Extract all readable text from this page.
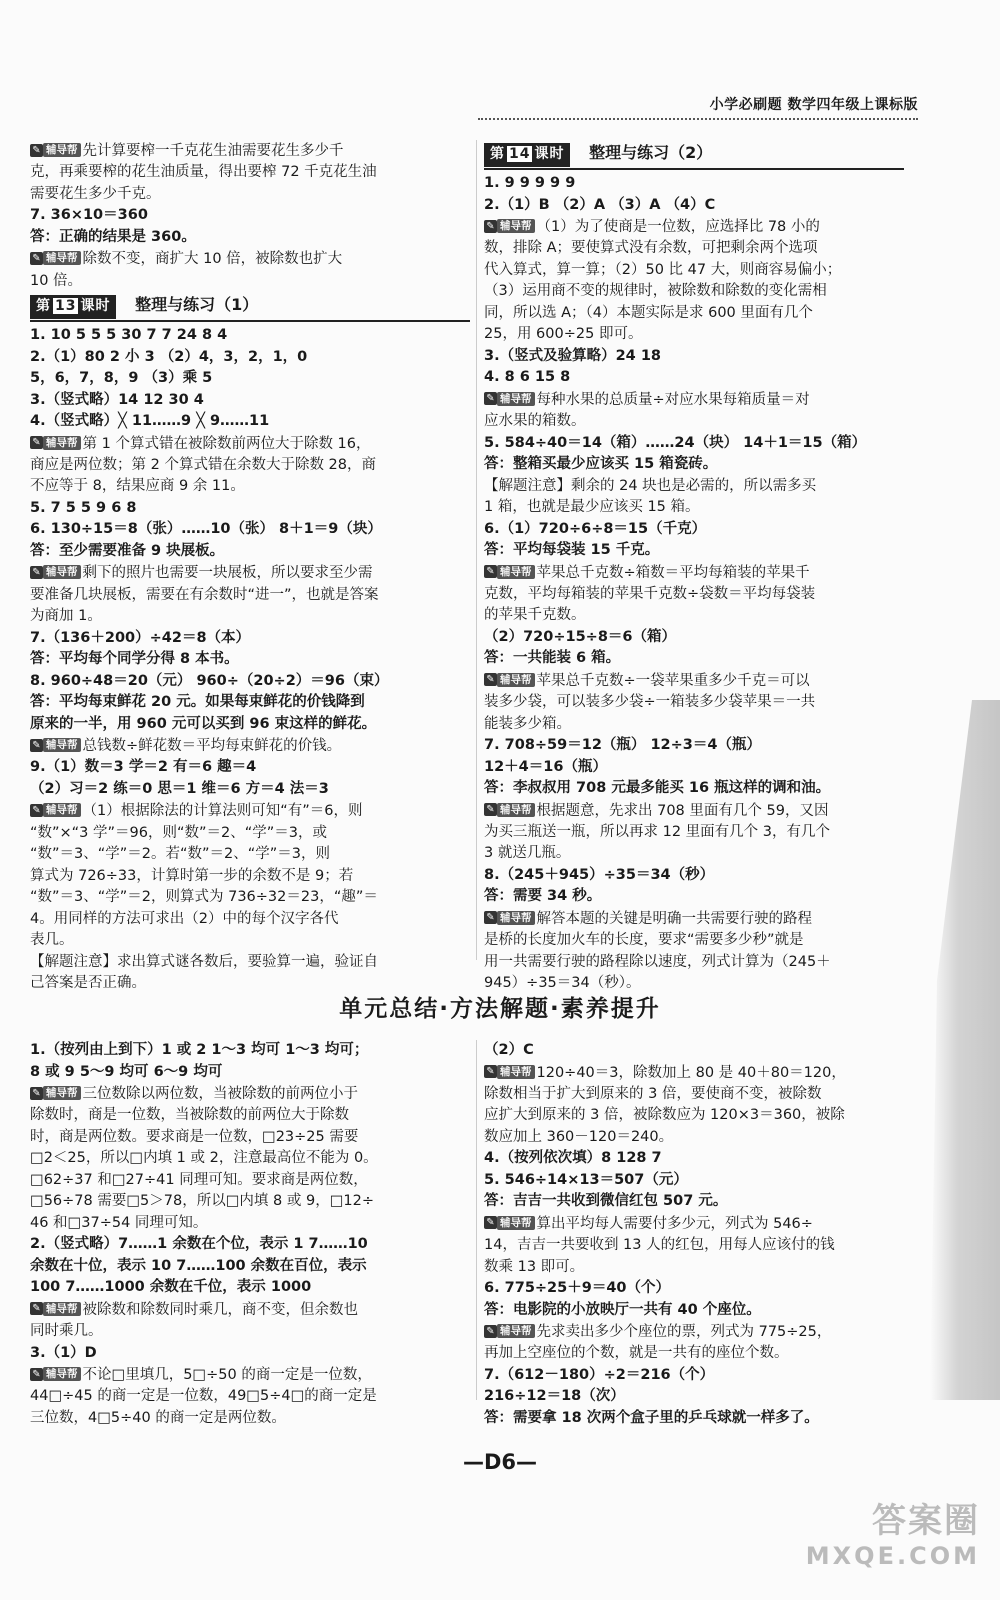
小学必刷题 数学四年级上课标版
✎ 辅导帮 先计算要榨一千克花生油需要花生多少千
克，再乘要榨的花生油质量，得出要榨 72 千克花生油
需要花生多少千克。
7. 36×10＝360
答：正确的结果是 360。
✎ 辅导帮 除数不变，商扩大 10 倍，被除数也扩大
10 倍。
第 13 课时 整理与练习（1）
1. 10 5 5 5 30 7 7 24 8 4
2.（1）80 2 小 3 （2）4，3，2，1，0
5，6，7，8，9 （3）乘 5
3.（竖式略）14 12 30 4
4.（竖式略）╳ 11……9 ╳ 9……11
✎ 辅导帮 第 1 个算式错在被除数前两位大于除数 16，
商应是两位数；第 2 个算式错在余数大于除数 28，商
不应等于 8，结果应商 9 余 11。
5. 7 5 5 9 6 8
6. 130÷15＝8（张）……10（张） 8＋1＝9（块）
答：至少需要准备 9 块展板。
✎ 辅导帮 剩下的照片也需要一块展板，所以要求至少需
要准备几块展板，需要在有余数时“进一”，也就是答案
为商加 1。
7.（136＋200）÷42＝8（本）
答：平均每个同学分得 8 本书。
8. 960÷48＝20（元） 960÷（20÷2）＝96（束）
答：平均每束鲜花 20 元。如果每束鲜花的价钱降到
原来的一半，用 960 元可以买到 96 束这样的鲜花。
✎ 辅导帮 总钱数÷鲜花数＝平均每束鲜花的价钱。
9.（1）数＝3 学＝2 有＝6 趣＝4
（2）习＝2 练＝0 思＝1 维＝6 方＝4 法＝3
✎ 辅导帮 （1）根据除法的计算法则可知“有”＝6，则
“数”×“3 学”＝96，则“数”＝2、“学”＝3，或
“数”＝3、“学”＝2。若“数”＝2、“学”＝3，则
算式为 726÷33，计算时第一步的余数不是 9；若
“数”＝3、“学”＝2，则算式为 736÷32＝23，“趣”＝
4。用同样的方法可求出（2）中的每个汉字各代
表几。
【解题注意】求出算式谜各数后，要验算一遍，验证自
己答案是否正确。
第 14 课时 整理与练习（2）
1. 9 9 9 9 9
2.（1）B （2）A （3）A （4）C
✎ 辅导帮 （1）为了使商是一位数，应选择比 78 小的
数，排除 A；要使算式没有余数，可把剩余两个选项
代入算式，算一算；（2）50 比 47 大，则商容易偏小；
（3）运用商不变的规律时，被除数和除数的变化需相
同，所以选 A；（4）本题实际是求 600 里面有几个
25，用 600÷25 即可。
3.（竖式及验算略）24 18
4. 8 6 15 8
✎ 辅导帮 每种水果的总质量÷对应水果每箱质量＝对
应水果的箱数。
5. 584÷40＝14（箱）……24（块） 14＋1＝15（箱）
答：整箱买最少应该买 15 箱瓷砖。
【解题注意】剩余的 24 块也是必需的，所以需多买
1 箱，也就是最少应该买 15 箱。
6.（1）720÷6÷8＝15（千克）
答：平均每袋装 15 千克。
✎ 辅导帮 苹果总千克数÷箱数＝平均每箱装的苹果千
克数，平均每箱装的苹果千克数÷袋数＝平均每袋装
的苹果千克数。
（2）720÷15÷8＝6（箱）
答：一共能装 6 箱。
✎ 辅导帮 苹果总千克数÷一袋苹果重多少千克＝可以
装多少袋，可以装多少袋÷一箱装多少袋苹果＝一共
能装多少箱。
7. 708÷59＝12（瓶） 12÷3＝4（瓶）
12＋4＝16（瓶）
答：李叔叔用 708 元最多能买 16 瓶这样的调和油。
✎ 辅导帮 根据题意，先求出 708 里面有几个 59，又因
为买三瓶送一瓶，所以再求 12 里面有几个 3，有几个
3 就送几瓶。
8.（245＋945）÷35＝34（秒）
答：需要 34 秒。
✎ 辅导帮 解答本题的关键是明确一共需要行驶的路程
是桥的长度加火车的长度，要求“需要多少秒”就是
用一共需要行驶的路程除以速度，列式计算为（245＋
945）÷35＝34（秒）。
单元总结·方法解题·素养提升
1.（按列由上到下）1 或 2 1～3 均可 1～3 均可；
8 或 9 5～9 均可 6～9 均可
✎ 辅导帮 三位数除以两位数，当被除数的前两位小于
除数时，商是一位数，当被除数的前两位大于除数
时，商是两位数。要求商是一位数，□23÷25 需要
□2＜25，所以□内填 1 或 2，注意最高位不能为 0。
□62÷37 和□27÷41 同理可知。要求商是两位数，
□56÷78 需要□5＞78，所以□内填 8 或 9，□12÷
46 和□37÷54 同理可知。
2.（竖式略）7……1 余数在个位，表示 1 7……10
余数在十位，表示 10 7……100 余数在百位，表示
100 7……1000 余数在千位，表示 1000
✎ 辅导帮 被除数和除数同时乘几，商不变，但余数也
同时乘几。
3.（1）D
✎ 辅导帮 不论□里填几，5□÷50 的商一定是一位数，
44□÷45 的商一定是一位数，49□5÷4□的商一定是
三位数，4□5÷40 的商一定是两位数。
（2）C
✎ 辅导帮 120÷40＝3，除数加上 80 是 40＋80＝120，
除数相当于扩大到原来的 3 倍，要使商不变，被除数
应扩大到原来的 3 倍，被除数应为 120×3＝360，被除
数应加上 360－120＝240。
4.（按列依次填）8 128 7
5. 546÷14×13＝507（元）
答：吉吉一共收到微信红包 507 元。
✎ 辅导帮 算出平均每人需要付多少元，列式为 546÷
14，吉吉一共要收到 13 人的红包，用每人应该付的钱
数乘 13 即可。
6. 775÷25＋9＝40（个）
答：电影院的小放映厅一共有 40 个座位。
✎ 辅导帮 先求卖出多少个座位的票，列式为 775÷25，
再加上空座位的个数，就是一共有的座位个数。
7.（612－180）÷2＝216（个）
216÷12＝18（次）
答：需要拿 18 次两个盒子里的乒乓球就一样多了。
—D6—
答案圈
MXQE.COM
